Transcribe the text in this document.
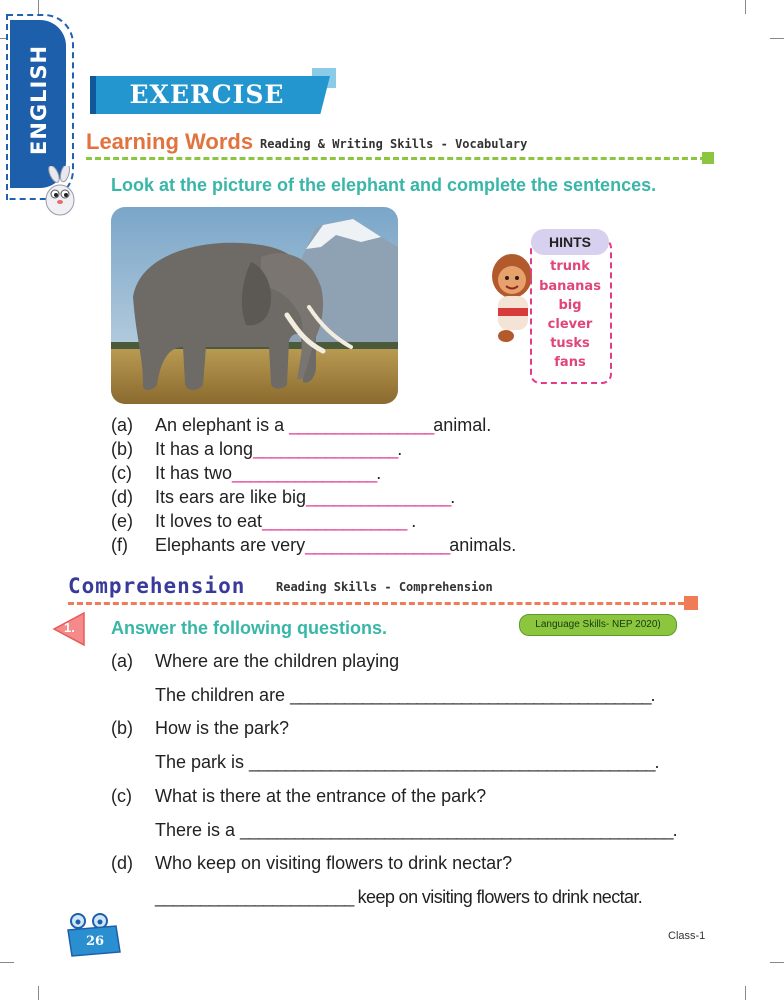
ENGLISH	EXERCISE
Learning Words Reading & Writing Skills - Vocabulary
Look at the picture of the elephant and complete the sentences.
HINTS
trunk
bananas
big
clever
tusks
fans
(a) An elephant is a ________________animal.
(b) It has a long________________.
(c) It has two________________.
(d) Its ears are like big________________.
(e) It loves to eat________________ .
(f) Elephants are very________________animals.
Comprehension	Reading Skills - Comprehension
1. Answer the following questions.	Language Skills- NEP 2020)
(a) Where are the children playing
The children are ________________________________________.
(b) How is the park?
The park is _____________________________________________.
(c) What is there at the entrance of the park?
There is a ________________________________________________.
(d) Who keep on visiting flowers to drink nectar?
______________________ keep on visiting flowers to drink nectar.
26	Class-1
